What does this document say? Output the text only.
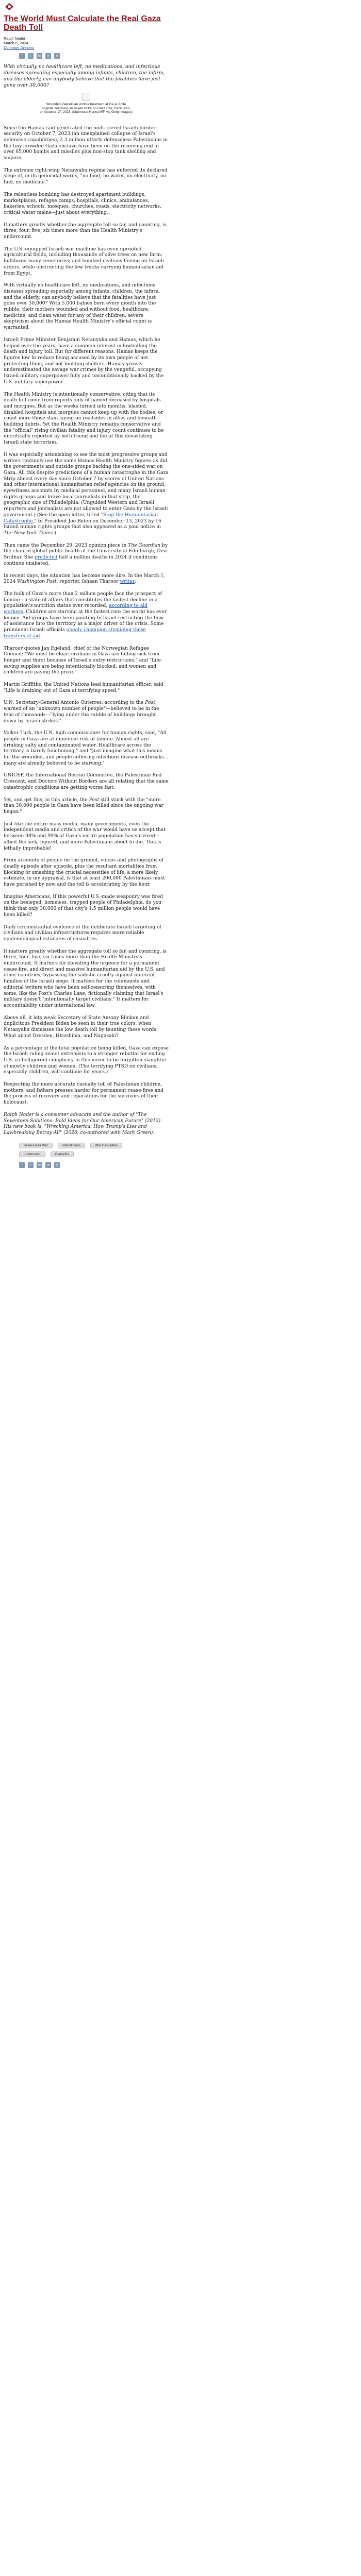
The World Must Calculate the Real Gaza Death Toll
Ralph Nader
March 6, 2024
Common Dreams
f	t	in	✉	⎙

With virtually no healthcare left, no medications, and infectious diseases spreading especially among infants, children, the infirm, and the elderly, can anybody believe that the fatalities have just gone over 30,000?

Wounded Palestinian victims treatment at the al-Shifa hospital, following an Israeli strike on Gaza City, Gaza Strip, on October 17, 2023. (Mahmoud Hams/AFP via Getty Images)

Since the Hamas raid penetrated the multi-tiered Israeli border security on October 7, 2023 (an unexplained collapse of Israel's defensive capabilities), 2.3 million utterly defenseless Palestinians in the tiny crowded Gaza enclave have been on the receiving end of over 65,000 bombs and missiles plus non-stop tank shelling and snipers.

The extreme right-wing Netanyahu regime has enforced its declared siege of, in its genocidal words, "no food, no water, no electricity, no fuel, no medicine."

The relentless bombing has destroyed apartment buildings, marketplaces, refugee camps, hospitals, clinics, ambulances, bakeries, schools, mosques, churches, roads, electricity networks, critical water mains—just about everything.

It matters greatly whether the aggregate toll so far, and counting, is three, four, five, six times more than the Health Ministry's undercount.

The U.S.-equipped Israeli war machine has even uprooted agricultural fields, including thousands of olive trees on new farm; bulldozed many cemeteries; and bombed civilians fleeing on Israeli orders, while obstructing the few trucks carrying humanitarian aid from Egypt.

With virtually no healthcare left, no medications, and infectious diseases spreading especially among infants, children, the infirm, and the elderly, can anybody believe that the fatalities have just gone over 30,000? With 5,000 babies born every month into the rubble, their mothers wounded and without food, healthcare, medicine, and clean water for any of their children, severe skepticism about the Hamas Health Ministry's official count is warranted.

Israeli Prime Minister Benjamin Netanyahu and Hamas, which he helped over the years, have a common interest in lowballing the death and injury toll. But for different reasons. Hamas keeps the figures low to reduce being accused by its own people of not protecting them, and not building shelters. Hamas grossly underestimated the savage war crimes by the vengeful, occupying Israeli military superpower fully and unconditionally backed by the U.S. military superpower.

The Health Ministry is intentionally conservative, citing that its death toll come from reports only of named deceased by hospitals and morgues. But as the weeks turned into months, blasted, disabled hospitals and morgues cannot keep up with the bodies, or count more those slain laying on roadsides in allies and beneath building debris. Yet the Health Ministry remains conservative and the "official" rising civilian fatality and injury count continues to be uncritically reported by both friend and foe of this devastating Israeli state terrorism.

It was especially astonishing to see the most progressive groups and writers routinely use the same Hamas Health Ministry figures as did the governments and outside groups backing the one-sided war on Gaza. All this despite predictions of a human catastrophe in the Gaza Strip almost every day since October 7 by scores of United Nations and other international humanitarian relief agencies on the ground, eyewitness accounts by medical personnel, and many Israeli human rights groups and brave local journalists in that strip, the geographic size of Philadelphia. (Unguided Western and Israeli reporters and journalists are not allowed to enter Gaza by the Israeli government.) (See the open letter, titled "Stop the Humanitarian Catastrophe," to President Joe Biden on December 13, 2023 by 16 Israeli human rights groups that also appeared as a paid notice in The New York Times.)

Then came the December 29, 2023 opinion piece in The Guardian by the chair of global public health at the University of Edinburgh, Devi Sridhar. She predicted half a million deaths in 2024 if conditions continue unabated.

In recent days, the situation has become more dire. In the March 1, 2024 Washington Post, reporter, Ishaan Tharoor writes:

The bulk of Gaza's more than 2 million people face the prospect of famine—a state of affairs that constitutes the fastest decline in a population's nutrition status ever recorded, according to aid workers. Children are starving at the fastest rate the world has ever known. Aid groups have been pointing to Israel restricting the flow of assistance into the territory as a major driver of the crisis. Some prominent Israeli officials openly champion stymieing these transfers of aid.

Tharoor quotes Jan Egeland, chief of the Norwegian Refugee Council: "We must be clear: civilians in Gaza are falling sick from hunger and thirst because of Israel's entry restrictions," and "Life-saving supplies are being intentionally blocked, and women and children are paying the price."

Martin Griffiths, the United Nations lead humanitarian officer, said "Life is draining out of Gaza at terrifying speed."

U.N. Secretary-General Antonio Guterres, according to the Post, warned of an "unknown number of people"—believed to be in the tens of thousands—"lying under the rubble of buildings brought down by Israeli strikes."

Volker Turk, the U.N. high commissioner for human rights, said, "All people in Gaza are at imminent risk of famine. Almost all are drinking salty and contaminated water. Healthcare across the territory is barely functioning," and "Just imagine what this means for the wounded, and people suffering infectious disease outbreaks… many are already believed to be starving."

UNICEF, the International Rescue Committee, the Palestinian Red Crescent, and Doctors Without Borders are all relating that the same catastrophic conditions are getting worse fast.

Yet, and get this, in this article, the Post still stuck with the "more than 30,000 people in Gaza have been killed since the ongoing war began."

Just like the entire mass media, many governments, even the independent media and critics of the war would have us accept that between 98% and 99% of Gaza's entire population has survived—albeit the sick, injured, and more Palestinians about to die. This is lethally improbable!

From accounts of people on the ground, videos and photographs of deadly episode after episode, plus the resultant mortalities from blocking or smashing the crucial necessities of life, a more likely estimate, in my appraisal, is that at least 200,000 Palestinians must have perished by now and the toll is accelerating by the hour.

Imagine Americans, If this powerful U.S.-made weaponry was fired on the besieged, homeless, trapped people of Philadelphia, do you think that only 30,000 of that city's 1.5 million people would have been killed?

Daily circumstantial evidence of the deliberate Israeli targeting of civilians and civilian infrastructures requires more reliable epidemiological estimates of casualties.

It matters greatly whether the aggregate toll so far, and counting, is three, four, five, six times more than the Health Ministry's undercount. It matters for elevating the urgency for a permanent cease-fire, and direct and massive humanitarian aid by the U.S. and other countries, bypassing the sadistic cruelty against innocent families of the Israeli siege. It matters for the columnists and editorial writers who have been self-censoring themselves, with some, like the Post's Charles Lane, fictionally claiming that Israel's military doesn't "intentionally target civilians." It matters for accountability under international law.

Above all, it lets weak Secretary of State Antony Blinken and duplicitous President Biden be seen in their true colors, when Netanyahu dismisses the low death toll by taunting these words: What about Dresden, Hiroshima, and Nagasaki?

As a percentage of the total population being killed, Gaza can expose the Israeli ruling zealot extremists to a stronger rebuttal for ending U.S. co-belligerent complicity in this never-to-be-forgotten slaughter of mostly children and women. (The terrifying PTSD on civilians, especially children, will continue for years.)

Respecting the more accurate casualty toll of Palestinian children, mothers, and fathers presses harder for permanent cease-fires and the process of recovery and reparations for the survivors of their holocaust.

Ralph Nader is a consumer advocate and the author of "The Seventeen Solutions: Bold Ideas for Our American Future" (2012). His new book is, "Wrecking America: How Trump's Lies and Lawbreaking Betray All" (2020, co-authored with Mark Green).

Israel-Gaza War	Palestinians	War Casualties
undercount	Ceasefire
f	t	in	✉	⎙
